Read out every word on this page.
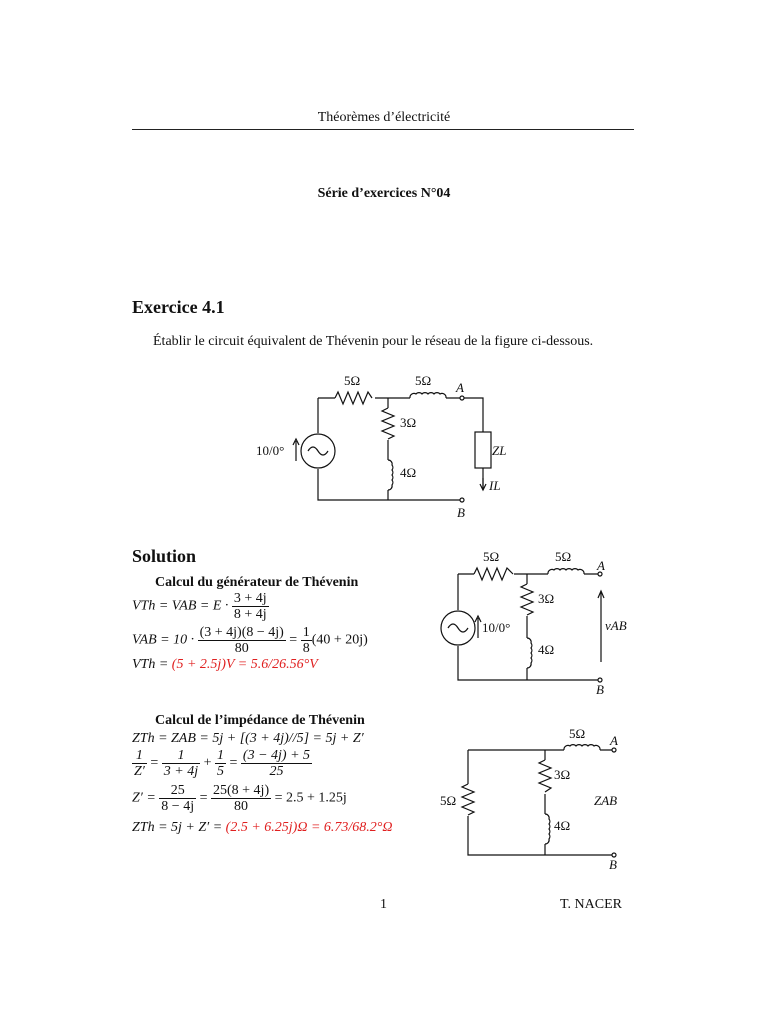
Théorèmes d’électricité
Série d’exercices N°04
Exercice 4.1
Établir le circuit équivalent de Thévenin pour le réseau de la figure ci-dessous.
5Ω	5Ω A
3Ω
4Ω
10/0°	ZL
IL
B
Solution
Calcul du générateur de Thévenin
VTh = VAB = $E \cdot \frac{3 + 4j}{8 + 4j}$
VAB = $10 \cdot \frac{(3 + 4j)(8 - 4j)}{80} = \frac{1}{8} (40 + 20j)$
VTh = (5 + 2.5j)V = 5.6/26.56°V
5Ω	5Ω
A
3Ω
4Ω
10/0°	vAB
B
Calcul de l’impédance de Thévenin
ZTh = ZAB = 5j + [(3 + 4j)//5] = 5j + Z′
$\frac{1}{Z'} = \frac{1}{3 + 4j} + \frac{1}{5} = \frac{(3 - 4j) + 5}{25}$
$Z' = \frac{25}{8 - 4j} = \frac{25(8 + 4j)}{80} = 2.5 + 1.25j$
ZTh = 5j + Z′ = (2.5 + 6.25j)Ω = 6.73/68.2°Ω
5Ω A
5Ω
3Ω
4Ω
ZAB
B
1	T. NACER
